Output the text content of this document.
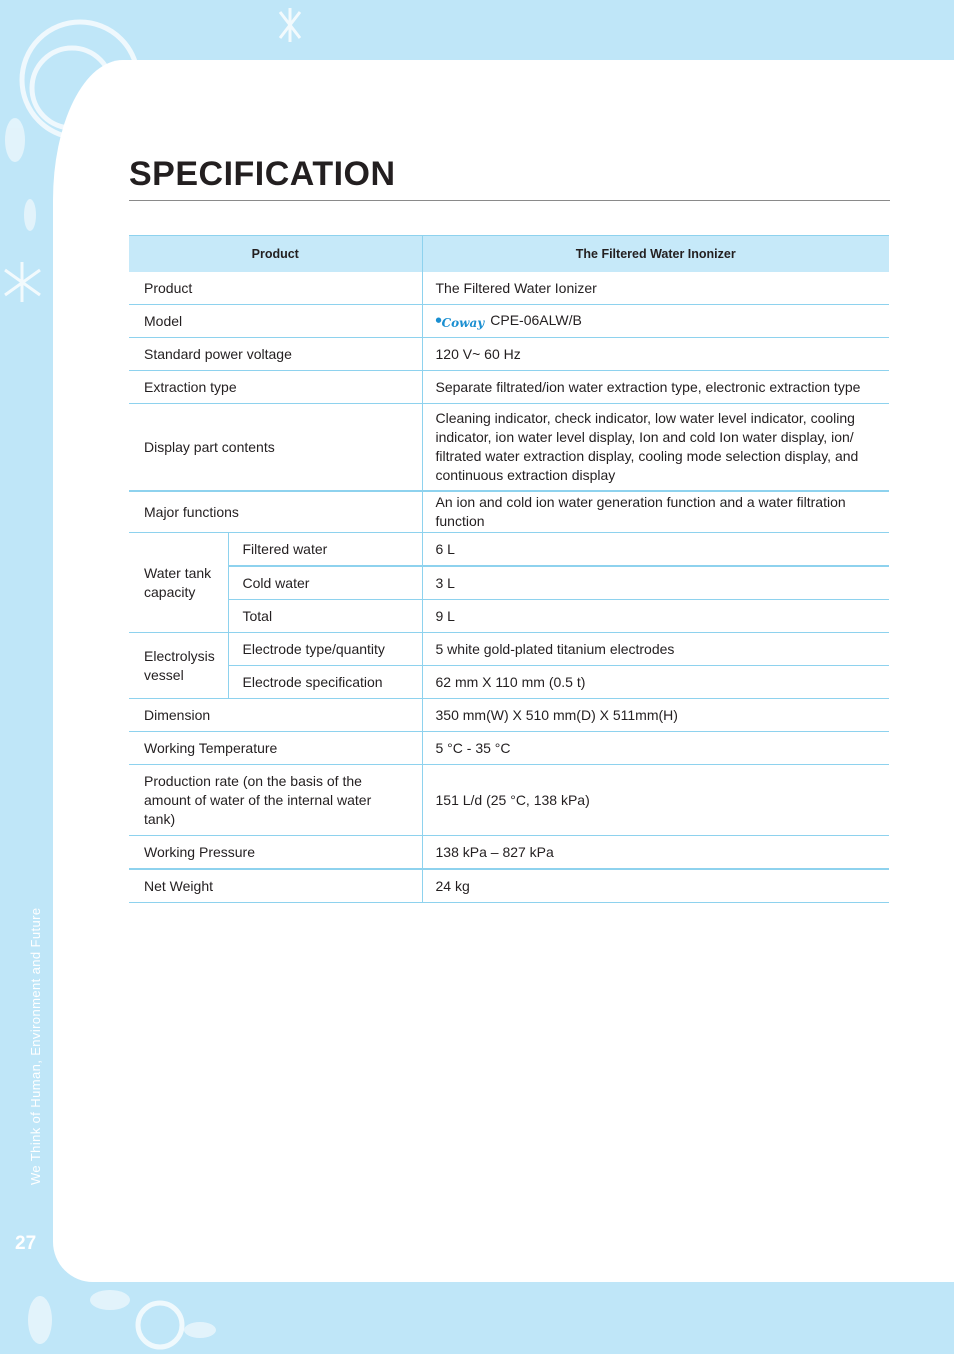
SPECIFICATION
Product		The Filtered Water Inonizer
Product		The Filtered Water Ionizer
Model		●Coway CPE-06ALW/B
Standard power voltage		120 V~ 60 Hz
Extraction type		Separate filtrated/ion water extraction type, electronic extraction type
Display part contents		Cleaning indicator, check indicator, low water level indicator, cooling indicator, ion water level display, Ion and cold Ion water display, ion/ filtrated water extraction display, cooling mode selection display, and continuous extraction display
Major functions		An ion and cold ion water generation function and a water filtration function
Water tank capacity	Filtered water	6 L
	Cold water	3 L
	Total	9 L
Electrolysis vessel	Electrode type/quantity	5 white gold-plated titanium electrodes
	Electrode specification	62 mm X 110 mm (0.5 t)
Dimension		350 mm(W) X 510 mm(D) X 511mm(H)
Working Temperature		5 °C - 35 °C

Production rate (on the basis of the amount of water of the internal water tank)		151 L/d (25 °C, 138 kPa)
Working Pressure		138 kPa – 827 kPa
Net Weight		24 kg
We Think of Human, Environment and Future
27
